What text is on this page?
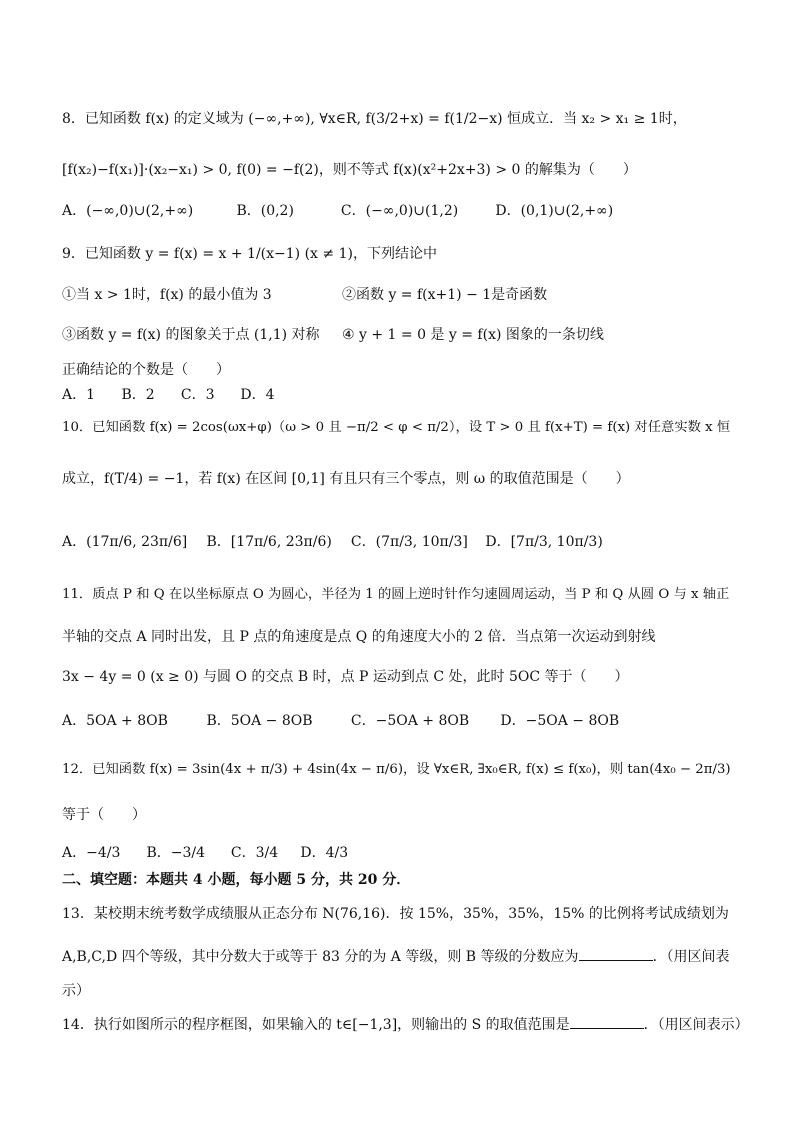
8．已知函数 f(x) 的定义域为 (−∞,+∞), ∀x∈R, f(3/2+x) = f(1/2−x) 恒成立．当 x₂ > x₁ ≥ 1时，
[f(x₂)−f(x₁)]·(x₂−x₁) > 0, f(0) = −f(2)，则不等式 f(x)(x²+2x+3) > 0 的解集为（　　）
A．(−∞,0)∪(2,+∞)	B．(0,2)	C．(−∞,0)∪(1,2)	D．(0,1)∪(2,+∞)
9．已知函数 y = f(x) = x + 1/(x−1) (x ≠ 1)，下列结论中
①当 x > 1时，f(x) 的最小值为 3	②函数 y = f(x+1) − 1是奇函数
③函数 y = f(x) 的图象关于点 (1,1) 对称 ④ y + 1 = 0 是 y = f(x) 图象的一条切线
正确结论的个数是（　　）
A．1 B．2 C．3 D．4
10．已知函数 f(x) = 2cos(ωx+φ)（ω > 0 且 −π/2 < φ < π/2），设 T > 0 且 f(x+T) = f(x) 对任意实数 x 恒
成立，f(T/4) = −1，若 f(x) 在区间 [0,1] 有且只有三个零点，则 ω 的取值范围是（　　）
A．(17π/6, 23π/6] B．[17π/6, 23π/6) C．(7π/3, 10π/3] D．[7π/3, 10π/3)
11．质点 P 和 Q 在以坐标原点 O 为圆心，半径为 1 的圆上逆时针作匀速圆周运动，当 P 和 Q 从圆 O 与 x 轴正
半轴的交点 A 同时出发，且 P 点的角速度是点 Q 的角速度大小的 2 倍．当点第一次运动到射线
3x − 4y = 0 (x ≥ 0) 与圆 O 的交点 B 时，点 P 运动到点 C 处，此时 5OC 等于（　　）
A．5OA + 8OB	B．5OA − 8OB	C．−5OA + 8OB D．−5OA − 8OB
12．已知函数 f(x) = 3sin(4x + π/3) + 4sin(4x − π/6)，设 ∀x∈R, ∃x₀∈R, f(x) ≤ f(x₀)，则 tan(4x₀ − 2π/3)
等于（　　）
A．−4/3 B．−3/4 C．3/4 D．4/3
二、填空题：本题共 4 小题，每小题 5 分，共 20 分．
13．某校期末统考数学成绩服从正态分布 N(76,16)．按 15%，35%，35%，15% 的比例将考试成绩划为
A,B,C,D 四个等级，其中分数大于或等于 83 分的为 A 等级，则 B 等级的分数应为	．（用区间表
示）
14．执行如图所示的程序框图，如果输入的 t∈[−1,3]，则输出的 S 的取值范围是	．（用区间表示）
